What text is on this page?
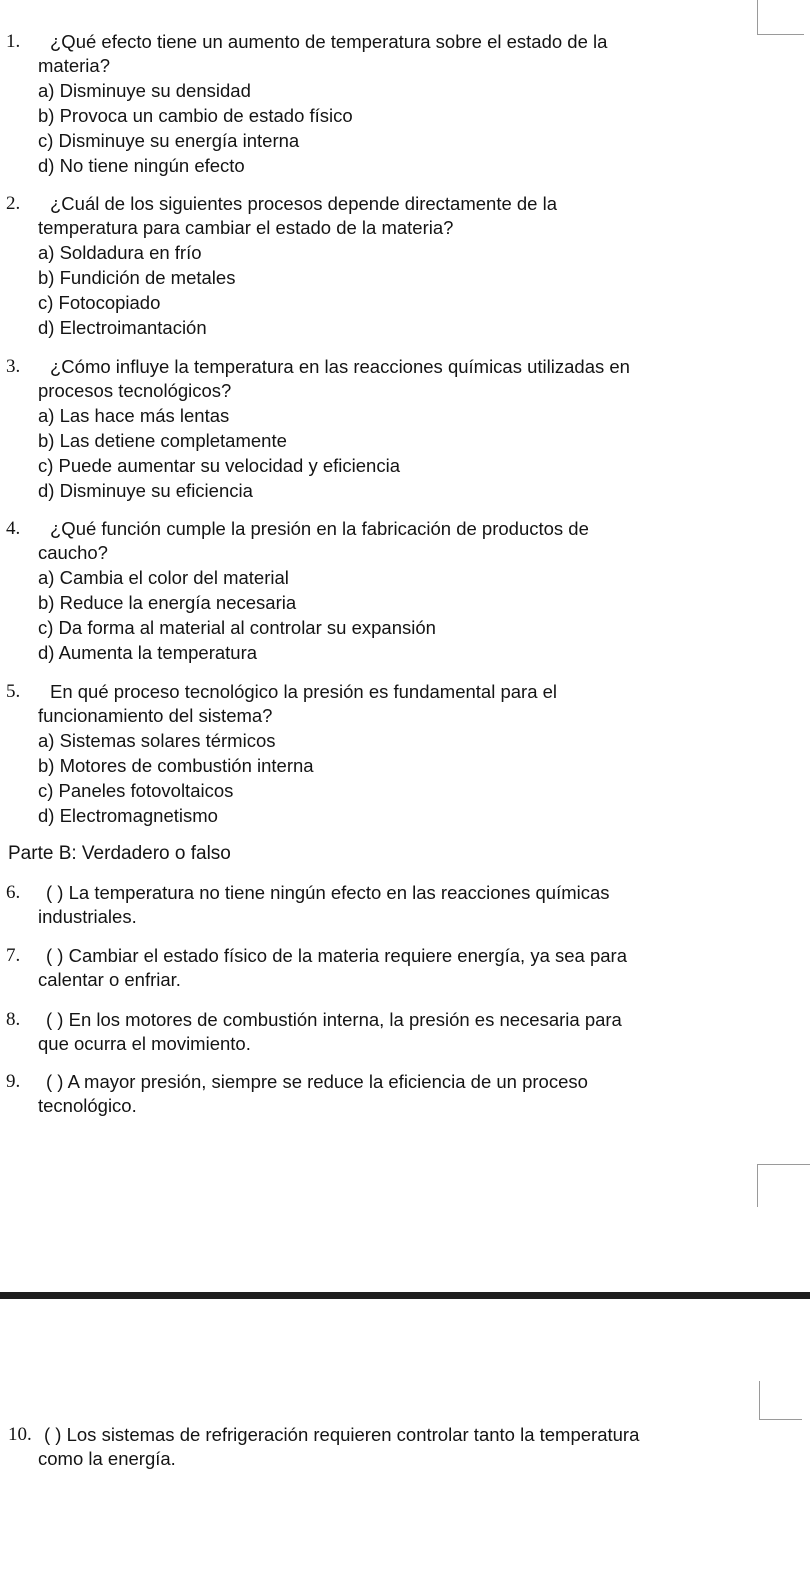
1. ¿Qué efecto tiene un aumento de temperatura sobre el estado de la
materia?
a) Disminuye su densidad
b) Provoca un cambio de estado físico
c) Disminuye su energía interna
d) No tiene ningún efecto
2. ¿Cuál de los siguientes procesos depende directamente de la
temperatura para cambiar el estado de la materia?
a) Soldadura en frío
b) Fundición de metales
c) Fotocopiado
d) Electroimantación
3. ¿Cómo influye la temperatura en las reacciones químicas utilizadas en
procesos tecnológicos?
a) Las hace más lentas
b) Las detiene completamente
c) Puede aumentar su velocidad y eficiencia
d) Disminuye su eficiencia
4. ¿Qué función cumple la presión en la fabricación de productos de
caucho?
a) Cambia el color del material
b) Reduce la energía necesaria
c) Da forma al material al controlar su expansión
d) Aumenta la temperatura
5. En qué proceso tecnológico la presión es fundamental para el
funcionamiento del sistema?
a) Sistemas solares térmicos
b) Motores de combustión interna
c) Paneles fotovoltaicos
d) Electromagnetismo
Parte B: Verdadero o falso
6. ( ) La temperatura no tiene ningún efecto en las reacciones químicas
industriales.
7. ( ) Cambiar el estado físico de la materia requiere energía, ya sea para
calentar o enfriar.
8. ( ) En los motores de combustión interna, la presión es necesaria para
que ocurra el movimiento.
9. ( ) A mayor presión, siempre se reduce la eficiencia de un proceso
tecnológico.
10. ( ) Los sistemas de refrigeración requieren controlar tanto la temperatura
como la energía.
